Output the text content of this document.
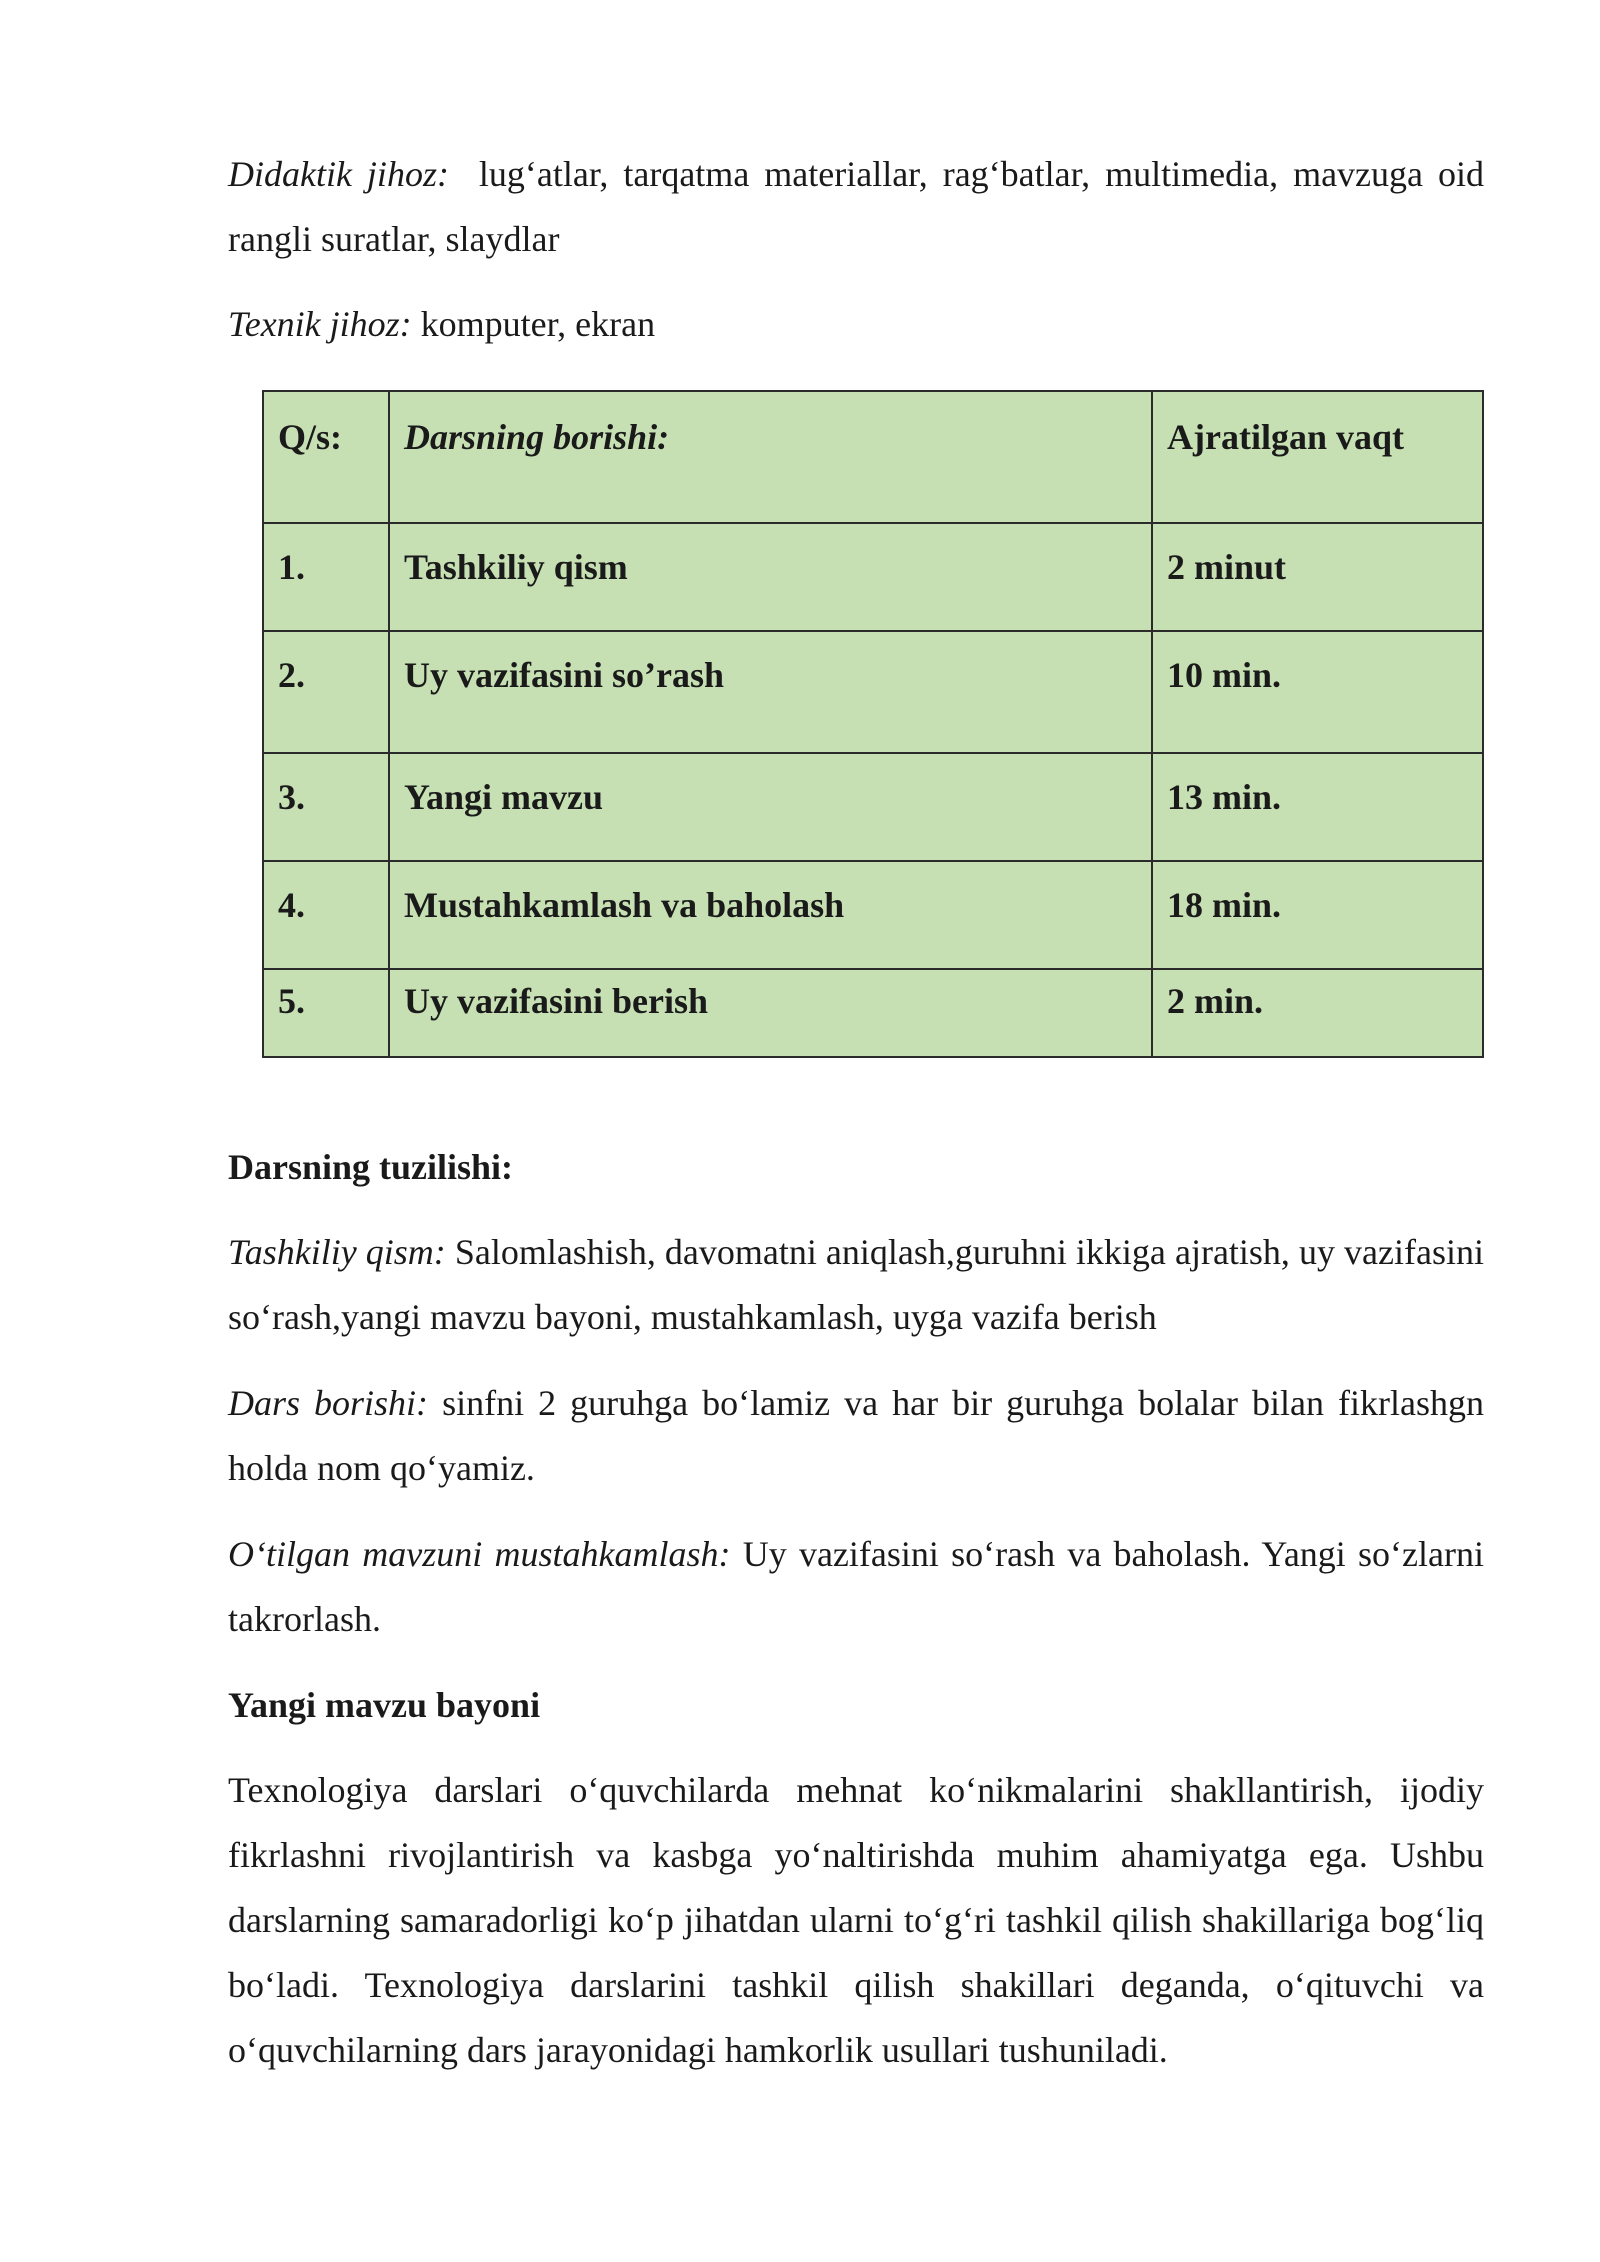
Didaktik jihoz: lug‘atlar, tarqatma materiallar, rag‘batlar, multimedia, mavzuga oid rangli suratlar, slaydlar

Texnik jihoz: komputer, ekran

Q/s:	Darsning borishi:	Ajratilgan vaqt
1.	Tashkiliy qism	2 minut
2.	Uy vazifasini so’rash	10 min.
3.	Yangi mavzu	13 min.
4.	Mustahkamlash va baholash	18 min.
5.	Uy vazifasini berish	2 min.

Darsning tuzilishi:

Tashkiliy qism: Salomlashish, davomatni aniqlash,guruhni ikkiga ajratish, uy vazifasini so‘rash,yangi mavzu bayoni, mustahkamlash, uyga vazifa berish

Dars borishi: sinfni 2 guruhga bo‘lamiz va har bir guruhga bolalar bilan fikrlashgn holda nom qo‘yamiz.

O‘tilgan mavzuni mustahkamlash: Uy vazifasini so‘rash va baholash. Yangi so‘zlarni takrorlash.

Yangi mavzu bayoni

Texnologiya darslari o‘quvchilarda mehnat ko‘nikmalarini shakllantirish, ijodiy fikrlashni rivojlantirish va kasbga yo‘naltirishda muhim ahamiyatga ega. Ushbu darslarning samaradorligi ko‘p jihatdan ularni to‘g‘ri tashkil qilish shakillariga bog‘liq bo‘ladi. Texnologiya darslarini tashkil qilish shakillari deganda, o‘qituvchi va o‘quvchilarning dars jarayonidagi hamkorlik usullari tushuniladi.
